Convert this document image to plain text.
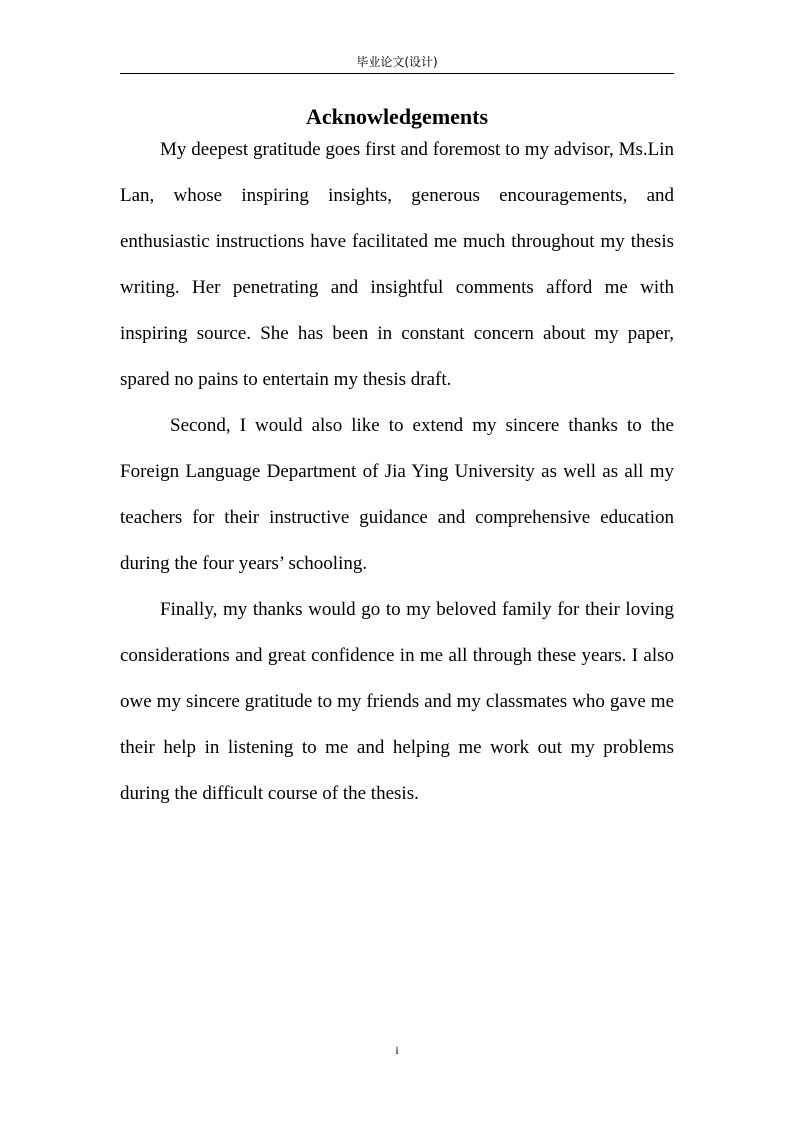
毕业论文(设计)
Acknowledgements

My deepest gratitude goes first and foremost to my advisor, Ms.Lin Lan, whose inspiring insights, generous encouragements, and enthusiastic instructions have facilitated me much throughout my thesis writing. Her penetrating and insightful comments afford me with inspiring source. She has been in constant concern about my paper, spared no pains to entertain my thesis draft.

Second, I would also like to extend my sincere thanks to the Foreign Language Department of Jia Ying University as well as all my teachers for their instructive guidance and comprehensive education during the four years’ schooling.

Finally, my thanks would go to my beloved family for their loving considerations and great confidence in me all through these years. I also owe my sincere gratitude to my friends and my classmates who gave me their help in listening to me and helping me work out my problems during the difficult course of the thesis.

i
